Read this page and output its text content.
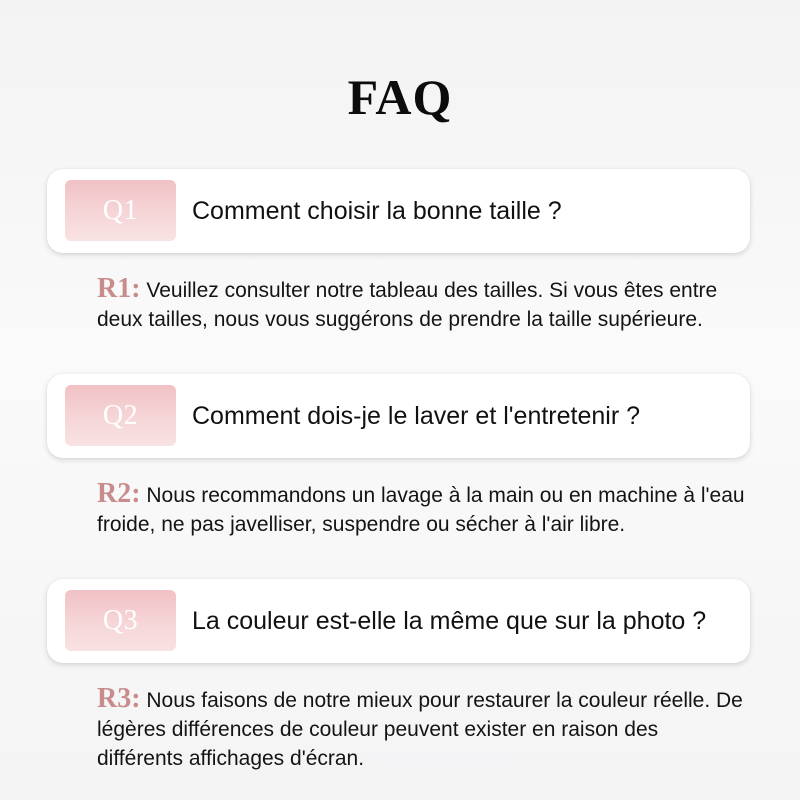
FAQ
Q1	Comment choisir la bonne taille ?
R1: Veuillez consulter notre tableau des tailles. Si vous êtes entre deux tailles, nous vous suggérons de prendre la taille supérieure.
Q2	Comment dois-je le laver et l'entretenir ?
R2: Nous recommandons un lavage à la main ou en machine à l'eau froide, ne pas javelliser, suspendre ou sécher à l'air libre.
Q3	La couleur est-elle la même que sur la photo ?
R3: Nous faisons de notre mieux pour restaurer la couleur réelle. De légères différences de couleur peuvent exister en raison des différents affichages d'écran.
